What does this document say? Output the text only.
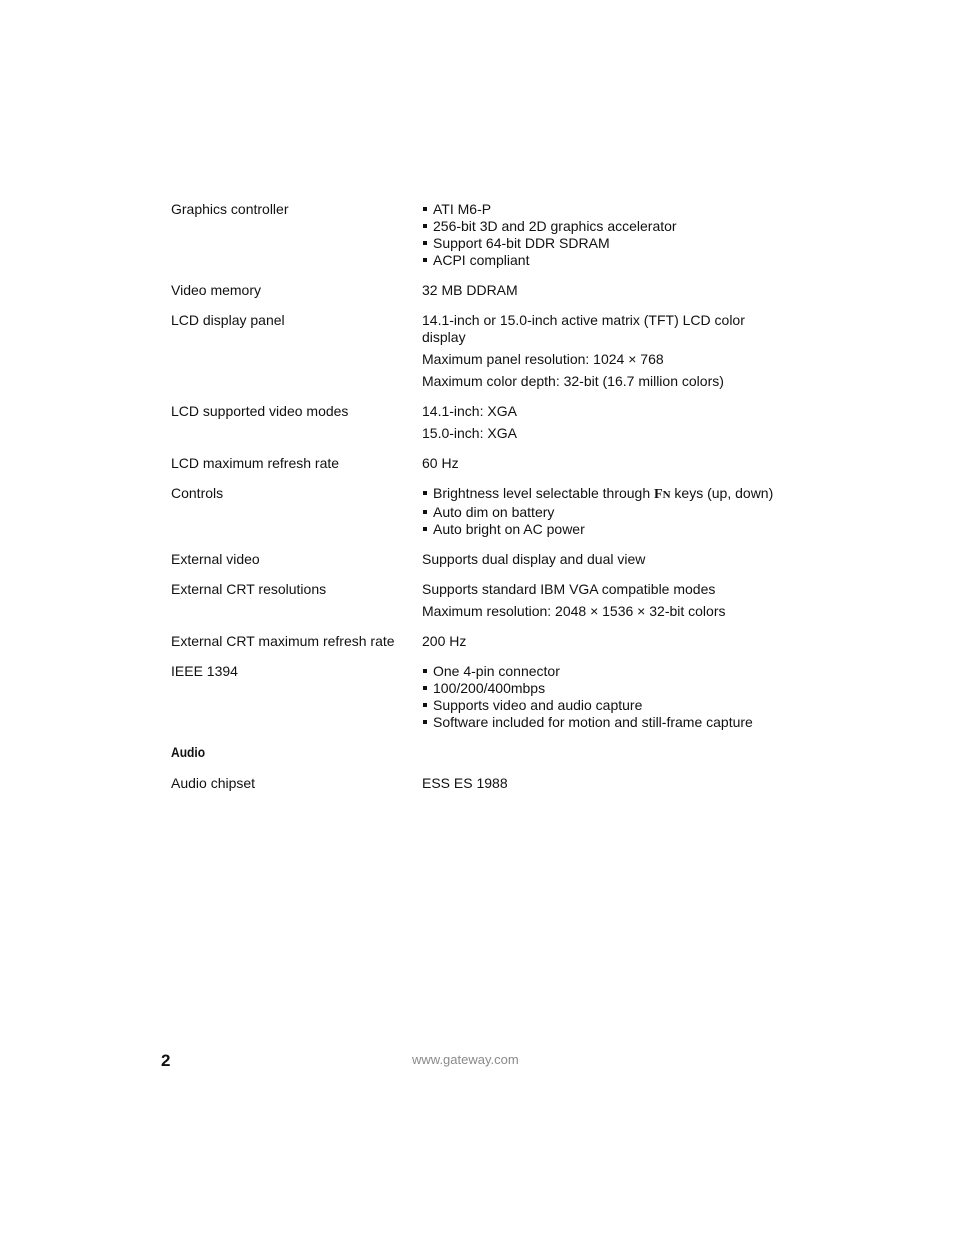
Graphics controller	ATI M6-P
256-bit 3D and 2D graphics accelerator
Support 64-bit DDR SDRAM
ACPI compliant
Video memory	32 MB DDRAM
LCD display panel	14.1-inch or 15.0-inch active matrix (TFT) LCD color display
Maximum panel resolution: 1024 × 768
Maximum color depth: 32-bit (16.7 million colors)
LCD supported video modes	14.1-inch: XGA
15.0-inch: XGA
LCD maximum refresh rate	60 Hz
Controls	Brightness level selectable through FN keys (up, down)
Auto dim on battery
Auto bright on AC power
External video	Supports dual display and dual view
External CRT resolutions	Supports standard IBM VGA compatible modes
Maximum resolution: 2048 × 1536 × 32-bit colors
External CRT maximum refresh rate	200 Hz
IEEE 1394	One 4-pin connector
100/200/400mbps
Supports video and audio capture
Software included for motion and still-frame capture
Audio
Audio chipset	ESS ES 1988
2	www.gateway.com
